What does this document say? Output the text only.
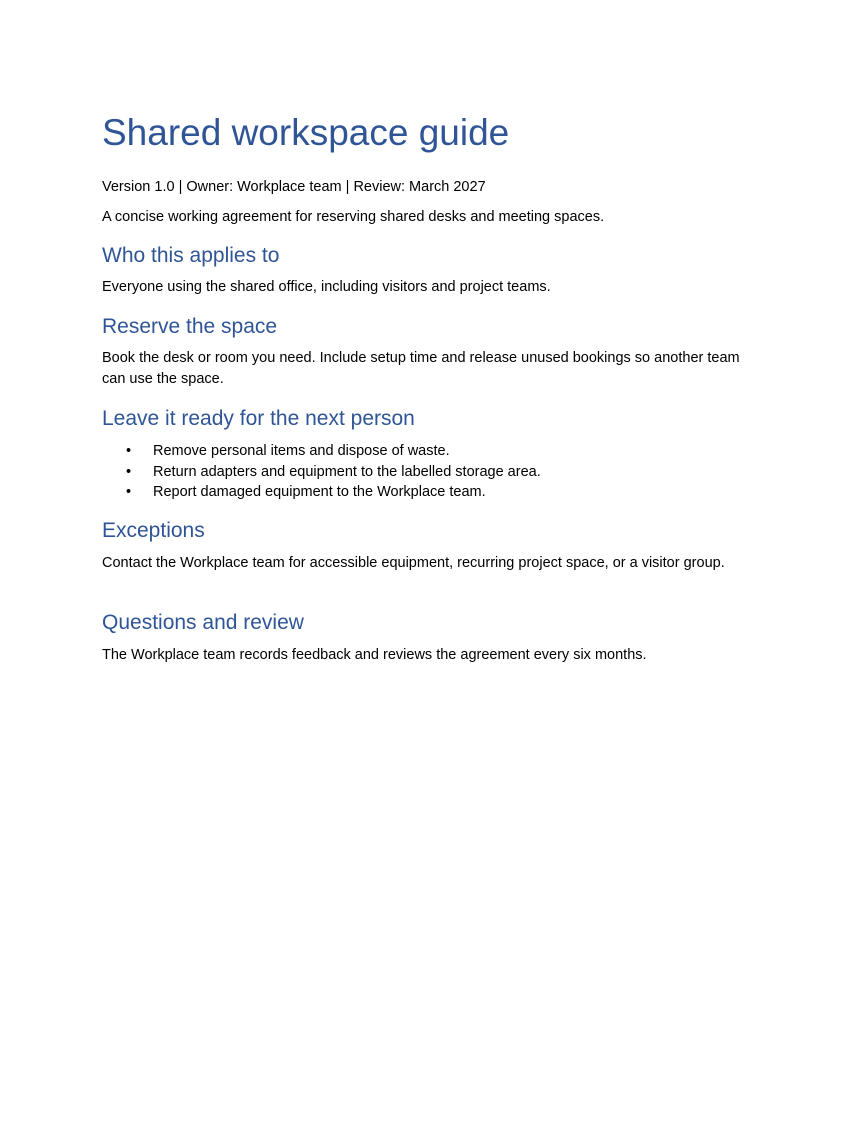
Shared workspace guide

Version 1.0 | Owner: Workplace team | Review: March 2027

A concise working agreement for reserving shared desks and meeting spaces.

Who this applies to

Everyone using the shared office, including visitors and project teams.

Reserve the space

Book the desk or room you need. Include setup time and release unused bookings so another team can use the space.

Leave it ready for the next person
• Remove personal items and dispose of waste.
• Return adapters and equipment to the labelled storage area.
• Report damaged equipment to the Workplace team.
Exceptions

Contact the Workplace team for accessible equipment, recurring project space, or a visitor group.

Questions and review

The Workplace team records feedback and reviews the agreement every six months.
